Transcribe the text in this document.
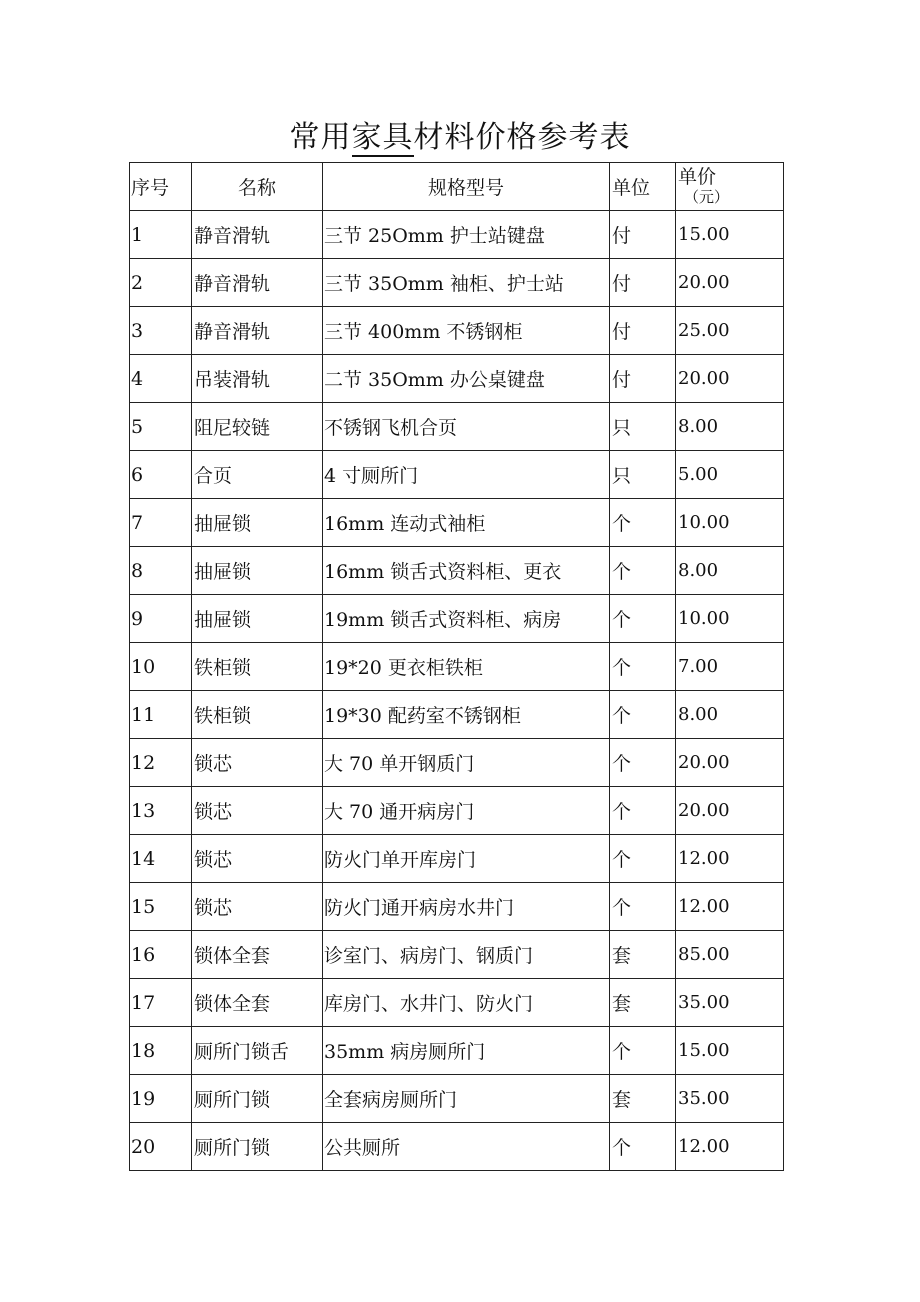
常用家具材料价格参考表
序号	名称	规格型号	单位	单价
（元）

1	静音滑轨	三节 25Omm 护士站键盘	付	15.00
2	静音滑轨	三节 35Omm 袖柜、护士站	付	20.00
3	静音滑轨	三节 400mm 不锈钢柜	付	25.00
4	吊装滑轨	二节 35Omm 办公桌键盘	付	20.00
5	阻尼较链	不锈钢飞机合页	只	8.00
6	合页	4 寸厕所门	只	5.00
7	抽屉锁	16mm 连动式袖柜	个	10.00
8	抽屉锁	16mm 锁舌式资料柜、更衣	个	8.00
9	抽屉锁	19mm 锁舌式资料柜、病房	个	10.00
10	铁柜锁	19*20 更衣柜铁柜	个	7.00
11	铁柜锁	19*30 配药室不锈钢柜	个	8.00
12	锁芯	大 70 单开钢质门	个	20.00
13	锁芯	大 70 通开病房门	个	20.00
14	锁芯	防火门单开库房门	个	12.00
15	锁芯	防火门通开病房水井门	个	12.00
16	锁体全套	诊室门、病房门、钢质门	套	85.00
17	锁体全套	库房门、水井门、防火门	套	35.00
18	厕所门锁舌	35mm 病房厕所门	个	15.00
19	厕所门锁	全套病房厕所门	套	35.00
20	厕所门锁	公共厕所	个	12.00
